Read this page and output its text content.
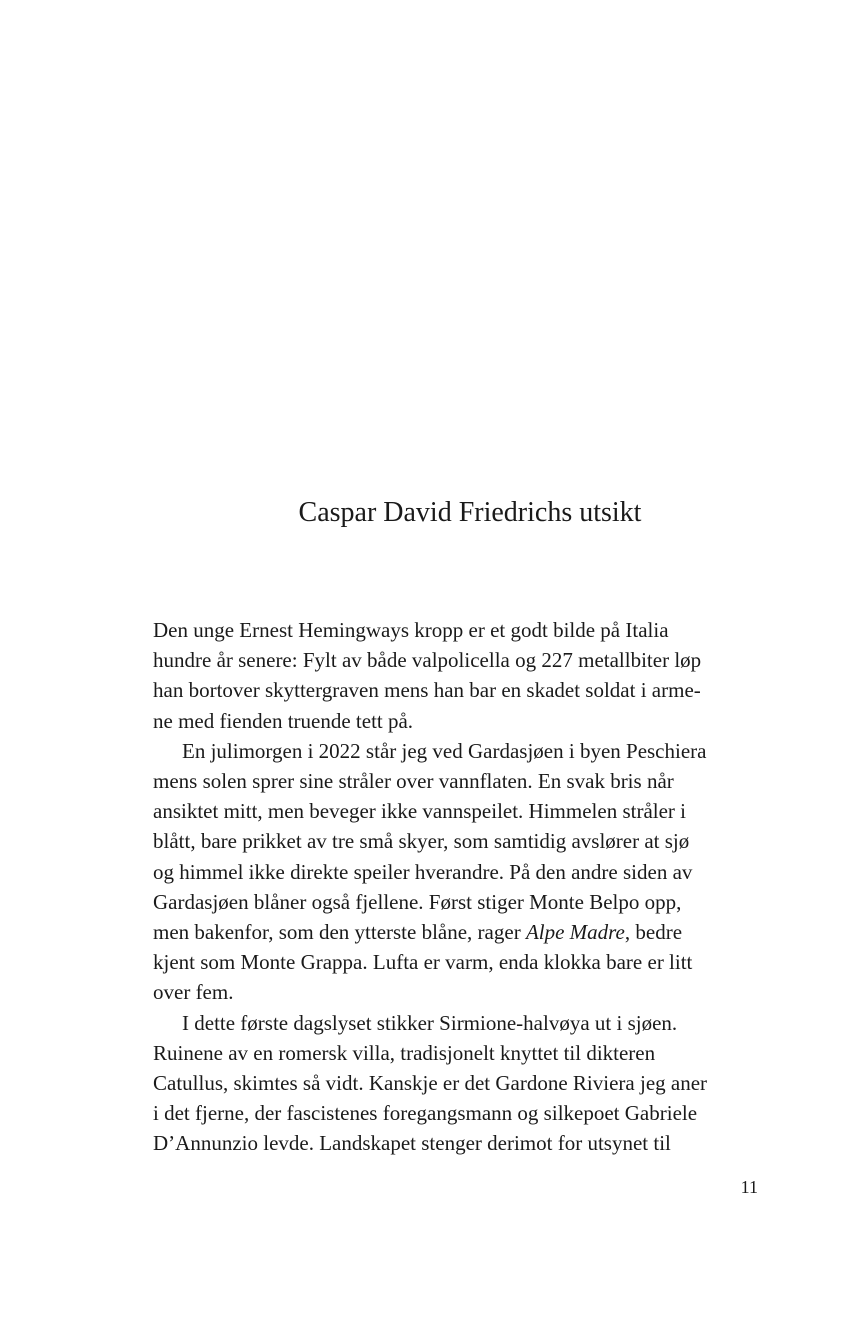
Caspar David Friedrichs utsikt
Den unge Ernest Hemingways kropp er et godt bilde på Italia
hundre år senere: Fylt av både valpolicella og 227 metallbiter løp
han bortover skyttergraven mens han bar en skadet soldat i arme-
ne med fienden truende tett på.
En julimorgen i 2022 står jeg ved Gardasjøen i byen Peschiera
mens solen sprer sine stråler over vannflaten. En svak bris når
ansiktet mitt, men beveger ikke vannspeilet. Himmelen stråler i
blått, bare prikket av tre små skyer, som samtidig avslører at sjø
og himmel ikke direkte speiler hverandre. På den andre siden av
Gardasjøen blåner også fjellene. Først stiger Monte Belpo opp,
men bakenfor, som den ytterste blåne, rager Alpe Madre, bedre
kjent som Monte Grappa. Lufta er varm, enda klokka bare er litt
over fem.
I dette første dagslyset stikker Sirmione-halvøya ut i sjøen.
Ruinene av en romersk villa, tradisjonelt knyttet til dikteren
Catullus, skimtes så vidt. Kanskje er det Gardone Riviera jeg aner
i det fjerne, der fascistenes foregangsmann og silkepoet Gabriele
D’Annunzio levde. Landskapet stenger derimot for utsynet til
11
